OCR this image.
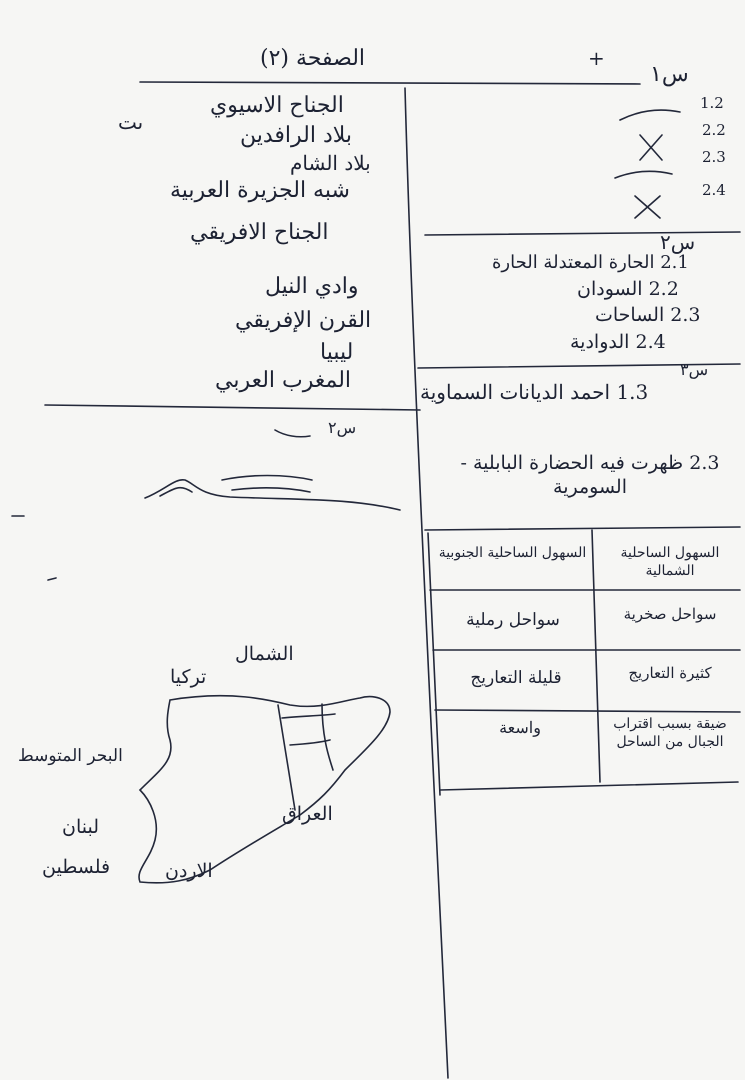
الصفحة (٢)	+
ىت
الجناح الاسيوي
بلاد الرافدين
بلاد الشام
شبه الجزيرة العربية
الجناح الافريقي
وادي النيل
القرن الإفريقي
ليبيا
المغرب العربي
س٢
الشمال
تركيا
البحر المتوسط
لبنان
فلسطين	الاردن
العراق
س١
1.2
2.2
2.3
2.4
س٢
2.1 الحارة المعتدلة الحارة
2.2 السودان
2.3 الساحات
2.4 الدوادية
س٣
1.3 احمد الديانات السماوية
2.3 ظهرت فيه الحضارة البابلية - السومرية
السهول الساحلية الشمالية
السهول الساحلية الجنوبية
سواحل صخرية
سواحل رملية
كثيرة التعاريج
قليلة التعاريج
ضيقة بسبب اقتراب الجبال من الساحل
واسعة
